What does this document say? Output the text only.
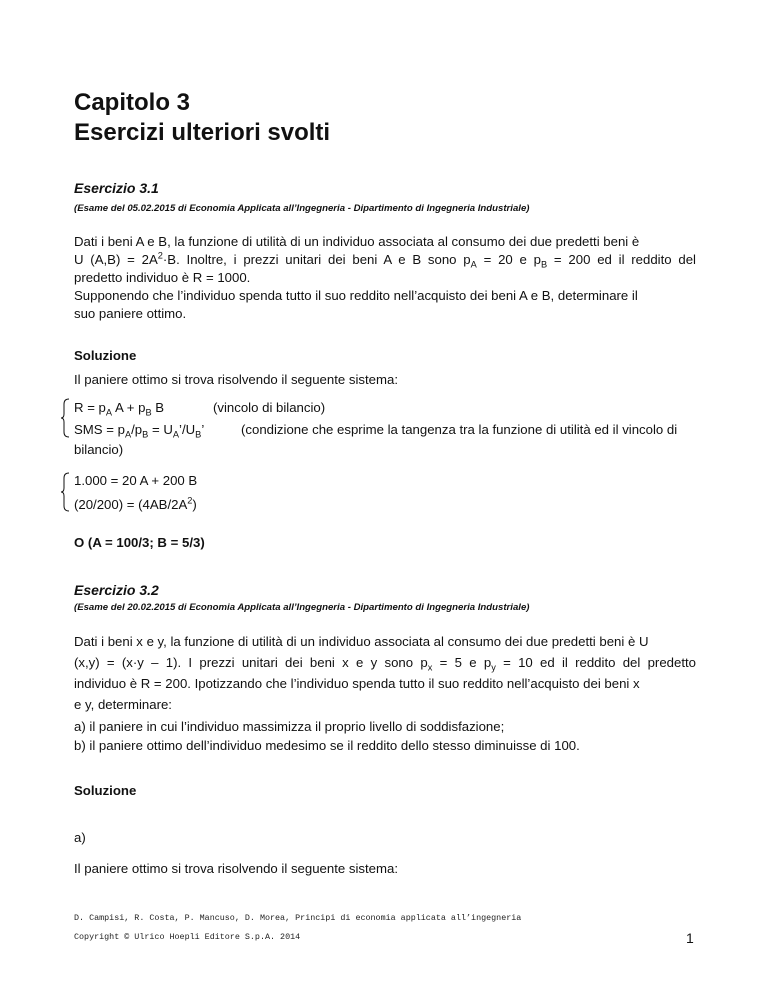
Capitolo 3
Esercizi ulteriori svolti
Esercizio 3.1
(Esame del 05.02.2015 di Economia Applicata all’Ingegneria - Dipartimento di Ingegneria Industriale)
Dati i beni A e B, la funzione di utilità di un individuo associata al consumo dei due predetti beni è
U $(A,B) = 2A^2\cdot B$. Inoltre, i prezzi unitari dei beni A e B sono $p_A = 20$ e $p_B = 200$ ed il reddito del
predetto individuo è R = 1000.
Supponendo che l’individuo spenda tutto il suo reddito nell’acquisto dei beni A e B, determinare il
suo paniere ottimo.
Soluzione
Il paniere ottimo si trova risolvendo il seguente sistema:
$R = p_A$ $A + p_B$ B	(vincolo di bilancio)
SMS = $p_A/p_B$ = $U_A’/U_B$’	(condizione che esprime la tangenza tra la funzione di utilità ed il vincolo di
bilancio)
1.000 = 20 A + 200 B
$(20/200) = (4AB/2A^2)$
O (A = 100/3; B = 5/3)
Esercizio 3.2
(Esame del 20.02.2015 di Economia Applicata all’Ingegneria - Dipartimento di Ingegneria Industriale)
Dati i beni x e y, la funzione di utilità di un individuo associata al consumo dei due predetti beni è U
(x,y) = (x·y – 1). I prezzi unitari dei beni x e y sono $p_x = 5$ e $p_y = 10$ ed il reddito del predetto
individuo è R = 200. Ipotizzando che l’individuo spenda tutto il suo reddito nell’acquisto dei beni x
e y, determinare:
a) il paniere in cui l’individuo massimizza il proprio livello di soddisfazione;
b) il paniere ottimo dell’individuo medesimo se il reddito dello stesso diminuisse di 100.
Soluzione
a)
Il paniere ottimo si trova risolvendo il seguente sistema:
D. Campisi, R. Costa, P. Mancuso, D. Morea, Principi di economia applicata all’ingegneria
Copyright © Ulrico Hoepli Editore S.p.A. 2014	1
